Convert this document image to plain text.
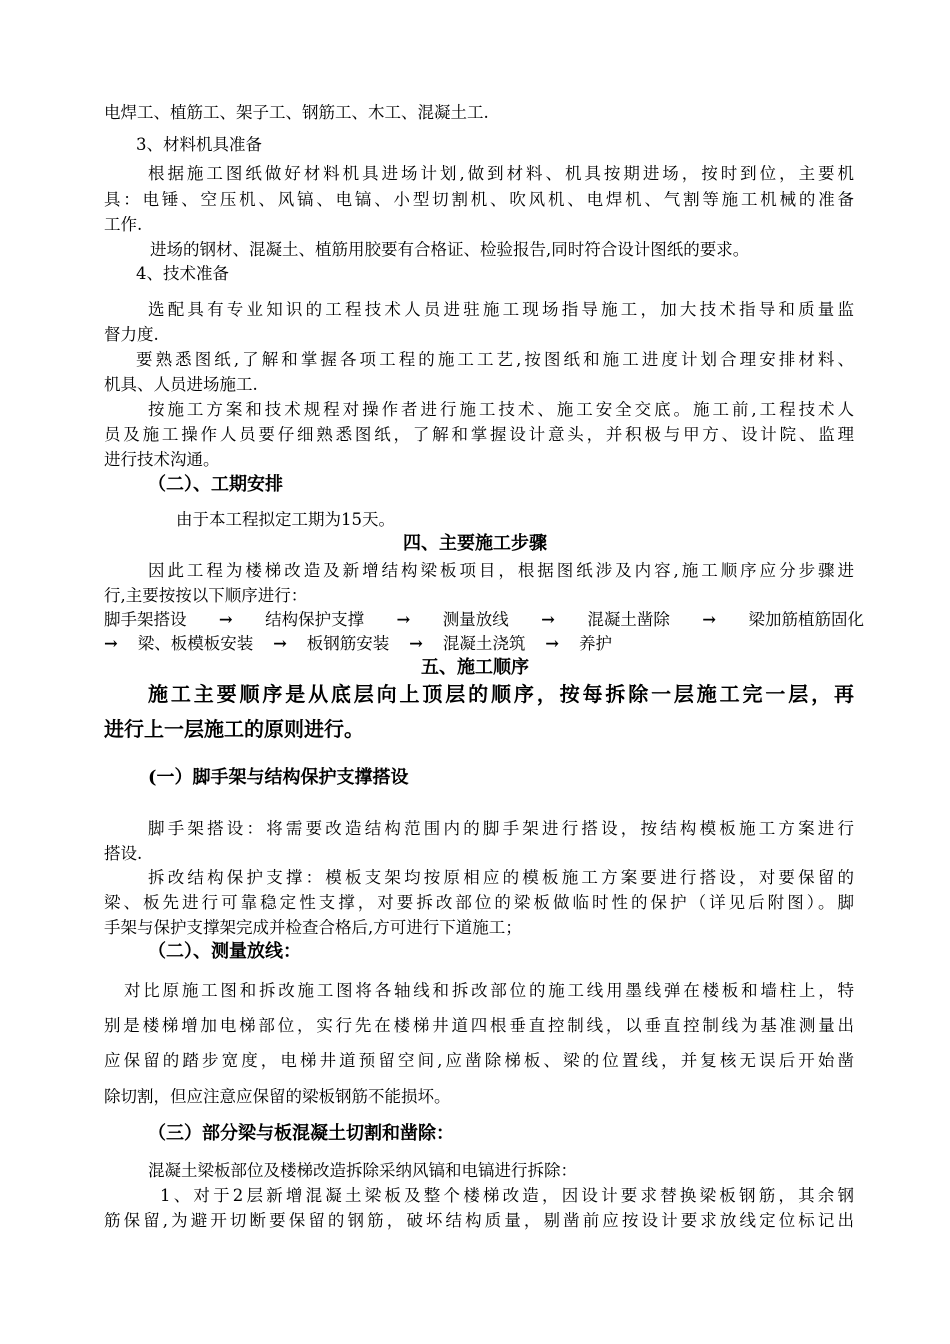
电焊工、植筋工、架子工、钢筋工、木工、混凝土工.
3、材料机具准备
根据施工图纸做好材料机具进场计划,做到材料、机具按期进场，按时到位，主要机
具：电锤、空压机、风镐、电镐、小型切割机、吹风机、电焊机、气割等施工机械的准备
工作.
进场的钢材、混凝土、植筋用胶要有合格证、检验报告,同时符合设计图纸的要求。
4、技术准备
选配具有专业知识的工程技术人员进驻施工现场指导施工，加大技术指导和质量监
督力度.
要熟悉图纸,了解和掌握各项工程的施工工艺,按图纸和施工进度计划合理安排材料、
机具、人员进场施工.
按施工方案和技术规程对操作者进行施工技术、施工安全交底。施工前,工程技术人
员及施工操作人员要仔细熟悉图纸，了解和掌握设计意头，并积极与甲方、设计院、监理
进行技术沟通。
（二）、工期安排
由于本工程拟定工期为15天。
四、主要施工步骤
因此工程为楼梯改造及新增结构梁板项目，根据图纸涉及内容,施工顺序应分步骤进
行,主要按按以下顺序进行：
脚手架搭设 → 结构保护支撑 → 测量放线 → 混凝土凿除 → 梁加筋植筋固化
→ 梁、板模板安装 → 板钢筋安装 → 混凝土浇筑 → 养护
五、施工顺序
施工主要顺序是从底层向上顶层的顺序，按每拆除一层施工完一层，再
进行上一层施工的原则进行。
(一）脚手架与结构保护支撑搭设
脚手架搭设：将需要改造结构范围内的脚手架进行搭设，按结构模板施工方案进行
搭设.
拆改结构保护支撑：模板支架均按原相应的模板施工方案要进行搭设，对要保留的
梁、板先进行可靠稳定性支撑，对要拆改部位的梁板做临时性的保护（详见后附图）。脚
手架与保护支撑架完成并检查合格后,方可进行下道施工；
（二）、测量放线：
对比原施工图和拆改施工图将各轴线和拆改部位的施工线用墨线弹在楼板和墙柱上，特
别是楼梯增加电梯部位，实行先在楼梯井道四根垂直控制线，以垂直控制线为基准测量出
应保留的踏步宽度，电梯井道预留空间,应凿除梯板、梁的位置线，并复核无误后开始凿
除切割，但应注意应保留的梁板钢筋不能损坏。
（三）部分梁与板混凝土切割和凿除：
混凝土梁板部位及楼梯改造拆除采纳风镐和电镐进行拆除：
1、对于2层新增混凝土梁板及整个楼梯改造，因设计要求替换梁板钢筋，其余钢
筋保留,为避开切断要保留的钢筋，破坏结构质量，剔凿前应按设计要求放线定位标记出
